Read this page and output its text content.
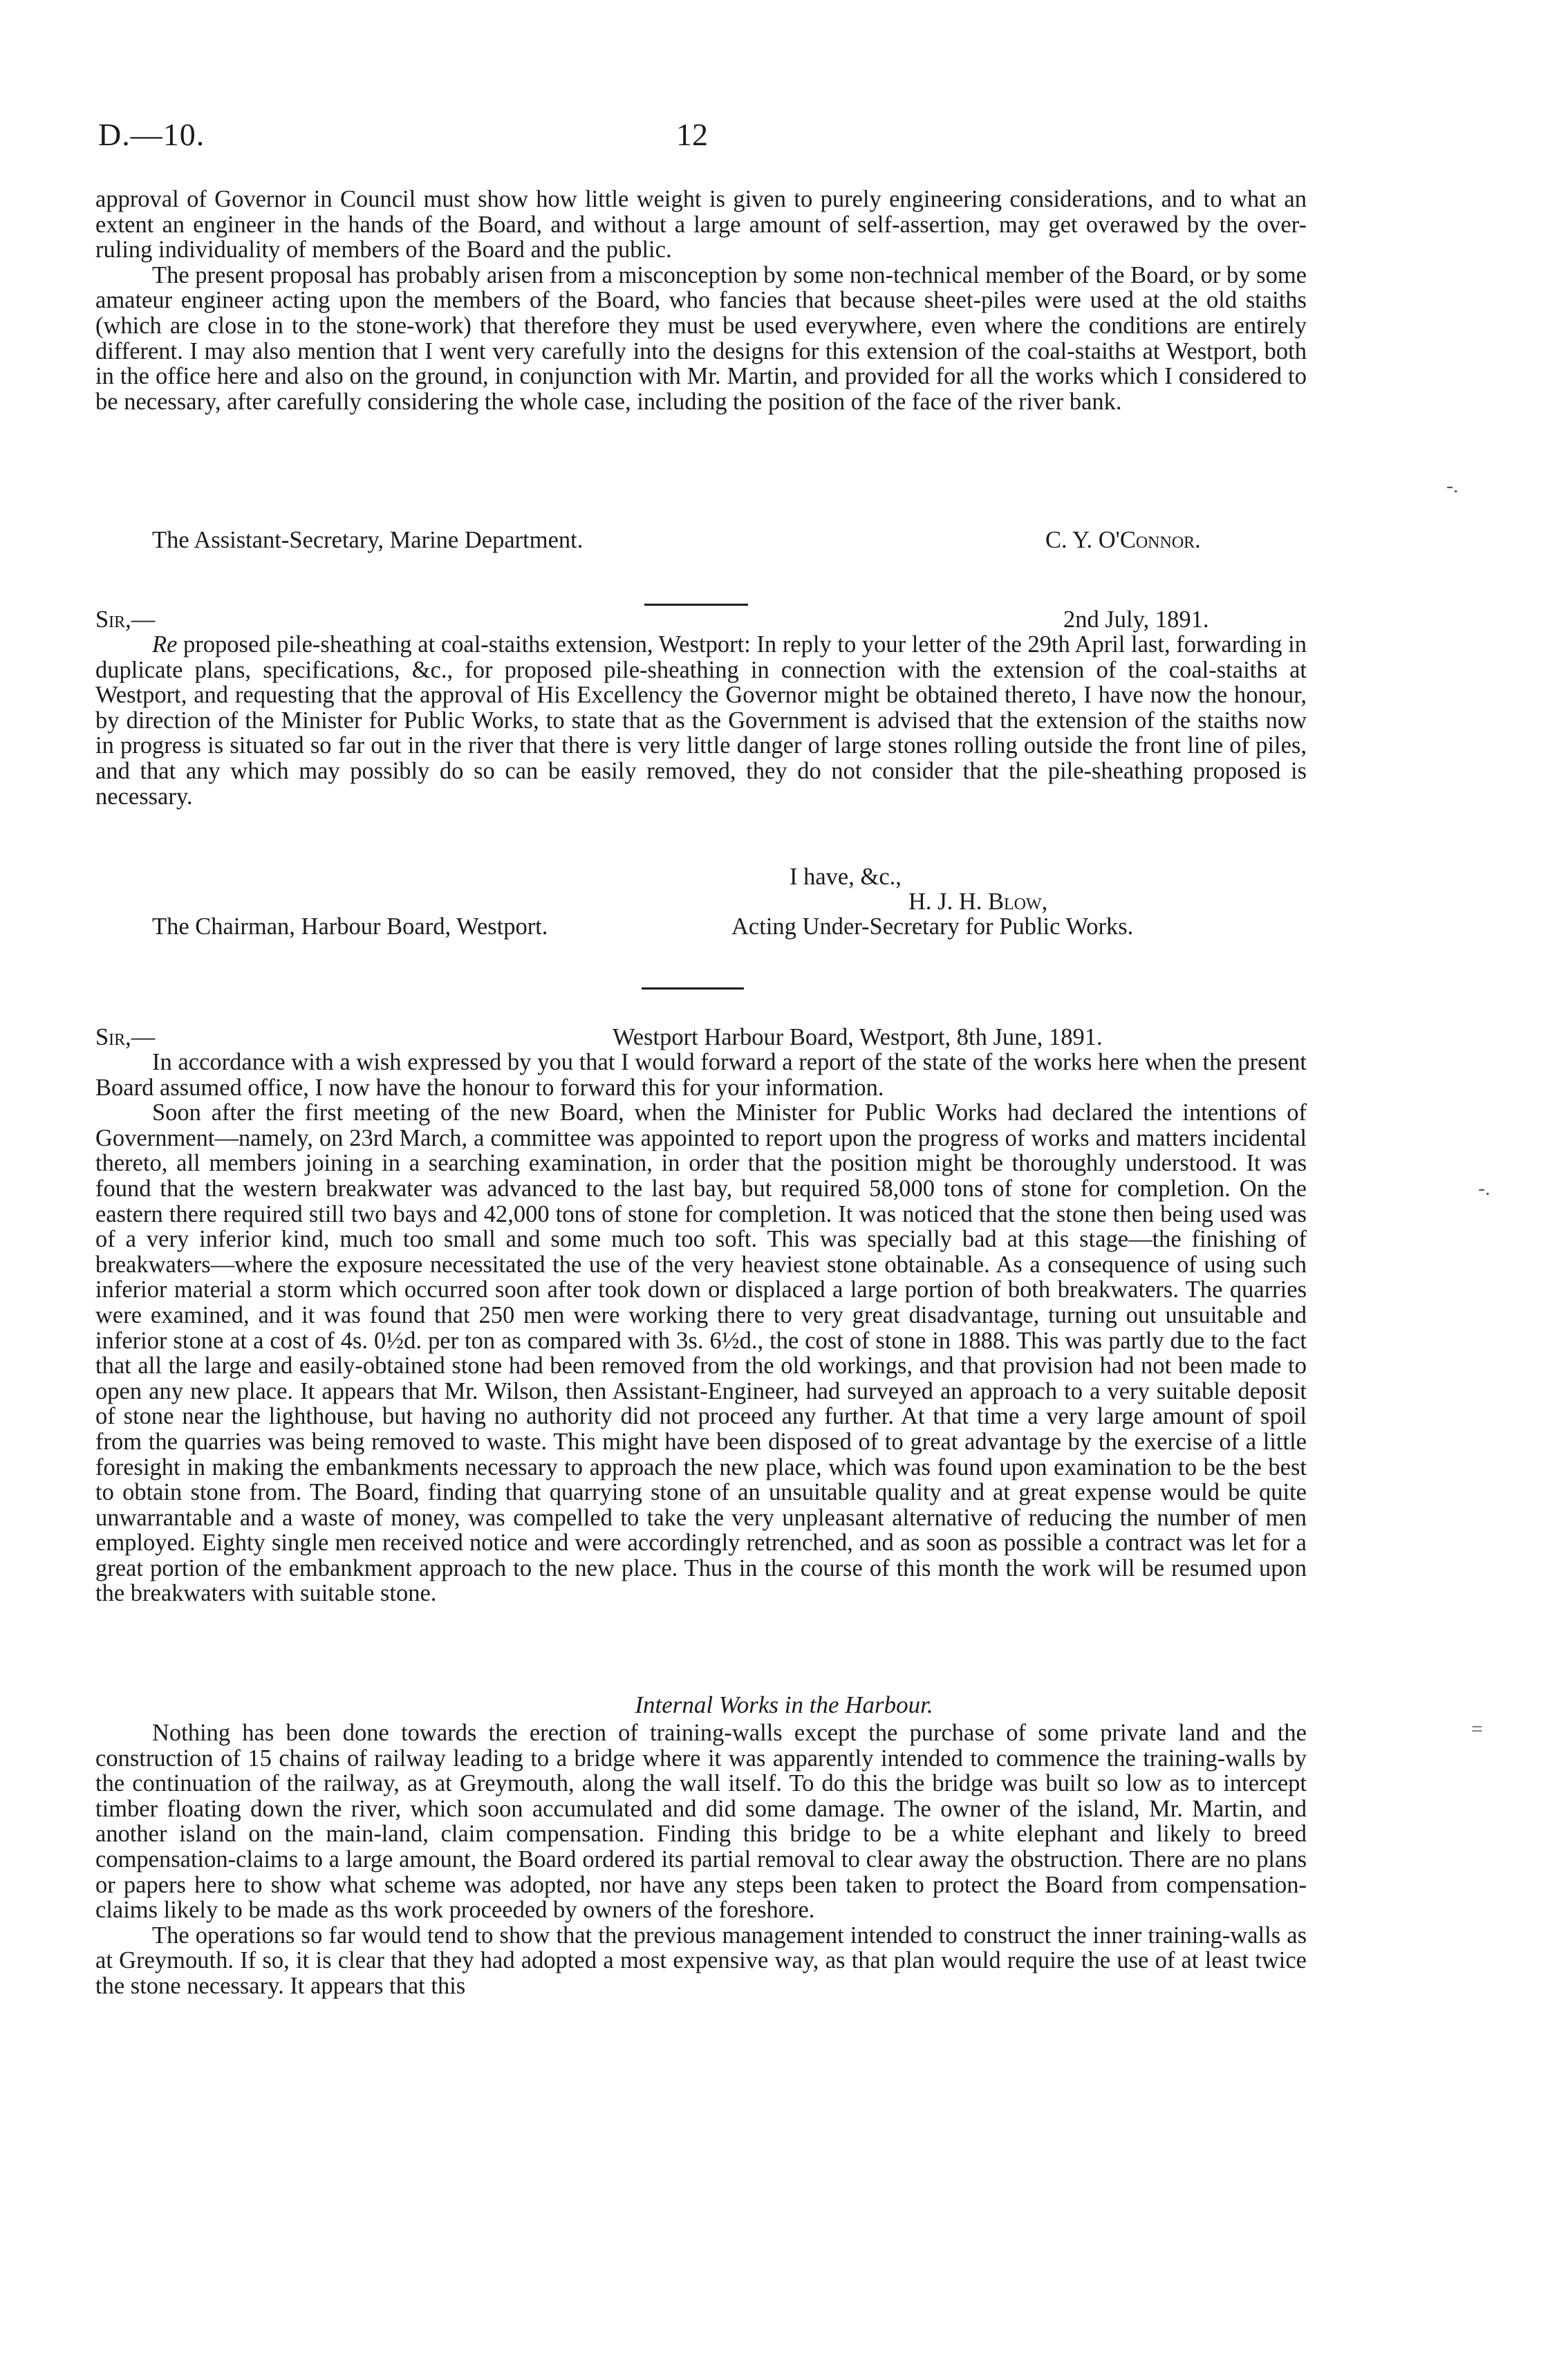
D.—10.	12

approval of Governor in Council must show how little weight is given to purely engineering considerations, and to what an extent an engineer in the hands of the Board, and without a large amount of self-assertion, may get overawed by the over-ruling individuality of members of the Board and the public.

The present proposal has probably arisen from a misconception by some non-technical member of the Board, or by some amateur engineer acting upon the members of the Board, who fancies that because sheet-piles were used at the old staiths (which are close in to the stone-work) that therefore they must be used everywhere, even where the conditions are entirely different. I may also mention that I went very carefully into the designs for this extension of the coal-staiths at Westport, both in the office here and also on the ground, in conjunction with Mr. Martin, and provided for all the works which I considered to be necessary, after carefully considering the whole case, including the position of the face of the river bank.

The Assistant-Secretary, Marine Department.	C. Y. O'Connor.
Sir,—	2nd July, 1891.

Re proposed pile-sheathing at coal-staiths extension, Westport: In reply to your letter of the 29th April last, forwarding in duplicate plans, specifications, &c., for proposed pile-sheathing in connection with the extension of the coal-staiths at Westport, and requesting that the approval of His Excellency the Governor might be obtained thereto, I have now the honour, by direction of the Minister for Public Works, to state that as the Government is advised that the extension of the staiths now in progress is situated so far out in the river that there is very little danger of large stones rolling outside the front line of piles, and that any which may possibly do so can be easily removed, they do not consider that the pile-sheathing proposed is necessary.

I have, &c.,
H. J. H. Blow,
The Chairman, Harbour Board, Westport.	Acting Under-Secretary for Public Works.
Sir,—	Westport Harbour Board, Westport, 8th June, 1891.

In accordance with a wish expressed by you that I would forward a report of the state of the works here when the present Board assumed office, I now have the honour to forward this for your information.

Soon after the first meeting of the new Board, when the Minister for Public Works had declared the intentions of Government—namely, on 23rd March, a committee was appointed to report upon the progress of works and matters incidental thereto, all members joining in a searching examination, in order that the position might be thoroughly understood. It was found that the western breakwater was advanced to the last bay, but required 58,000 tons of stone for completion. On the eastern there required still two bays and 42,000 tons of stone for completion. It was noticed that the stone then being used was of a very inferior kind, much too small and some much too soft. This was specially bad at this stage—the finishing of breakwaters—where the exposure necessitated the use of the very heaviest stone obtainable. As a consequence of using such inferior material a storm which occurred soon after took down or displaced a large portion of both breakwaters. The quarries were examined, and it was found that 250 men were working there to very great disadvantage, turning out unsuitable and inferior stone at a cost of 4s. 0½d. per ton as compared with 3s. 6½d., the cost of stone in 1888. This was partly due to the fact that all the large and easily-obtained stone had been removed from the old workings, and that provision had not been made to open any new place. It appears that Mr. Wilson, then Assistant-Engineer, had surveyed an approach to a very suitable deposit of stone near the lighthouse, but having no authority did not proceed any further. At that time a very large amount of spoil from the quarries was being removed to waste. This might have been disposed of to great advantage by the exercise of a little foresight in making the embankments necessary to approach the new place, which was found upon examination to be the best to obtain stone from. The Board, finding that quarrying stone of an unsuitable quality and at great expense would be quite unwarrantable and a waste of money, was compelled to take the very unpleasant alternative of reducing the number of men employed. Eighty single men received notice and were accordingly retrenched, and as soon as possible a contract was let for a great portion of the embankment approach to the new place. Thus in the course of this month the work will be resumed upon the breakwaters with suitable stone.

Internal Works in the Harbour.

Nothing has been done towards the erection of training-walls except the purchase of some private land and the construction of 15 chains of railway leading to a bridge where it was apparently intended to commence the training-walls by the continuation of the railway, as at Greymouth, along the wall itself. To do this the bridge was built so low as to intercept timber floating down the river, which soon accumulated and did some damage. The owner of the island, Mr. Martin, and another island on the main-land, claim compensation. Finding this bridge to be a white elephant and likely to breed compensation-claims to a large amount, the Board ordered its partial removal to clear away the obstruction. There are no plans or papers here to show what scheme was adopted, nor have any steps been taken to protect the Board from compensation-claims likely to be made as ths work proceeded by owners of the foreshore.

The operations so far would tend to show that the previous management intended to construct the inner training-walls as at Greymouth. If so, it is clear that they had adopted a most expensive way, as that plan would require the use of at least twice the stone necessary. It appears that this

-.
-.
=
